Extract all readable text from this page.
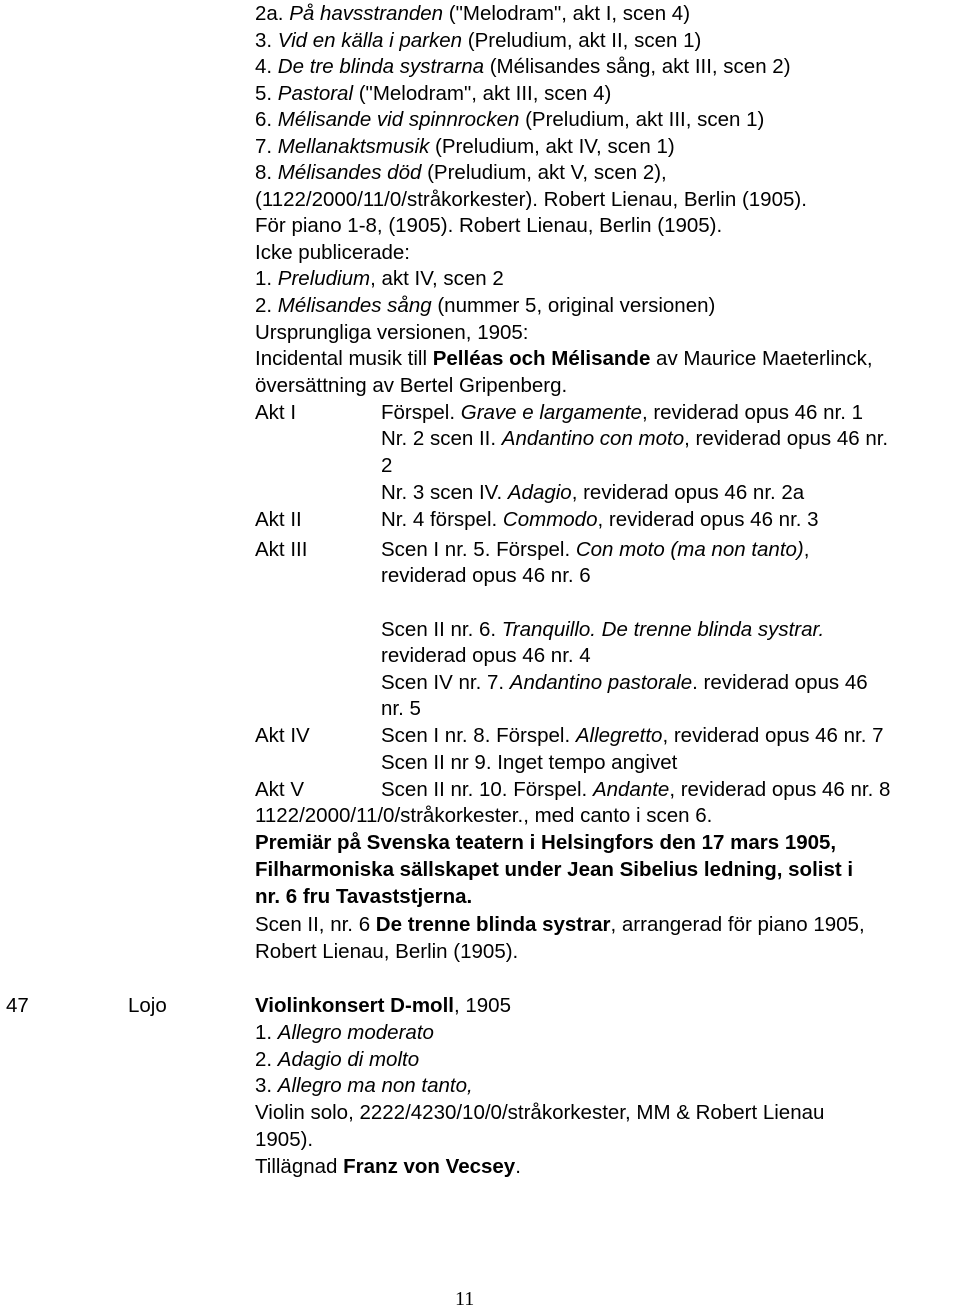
2a. På havsstranden ("Melodram", akt I, scen 4)
3. Vid en källa i parken (Preludium, akt II, scen 1)
4. De tre blinda systrarna (Mélisandes sång, akt III, scen 2)
5. Pastoral ("Melodram", akt III, scen 4)
6. Mélisande vid spinnrocken (Preludium, akt III, scen 1)
7. Mellanaktsmusik (Preludium, akt IV, scen 1)
8. Mélisandes död (Preludium, akt V, scen 2),
(1122/2000/11/0/stråkorkester). Robert Lienau, Berlin (1905).
För piano 1-8, (1905). Robert Lienau, Berlin (1905).
Icke publicerade:
1. Preludium, akt IV, scen 2
2. Mélisandes sång (nummer 5, original versionen)
Ursprungliga versionen, 1905:
Incidental musik till Pelléas och Mélisande av Maurice Maeterlinck,
översättning av Bertel Gripenberg.
Akt I	Förspel. Grave e largamente, reviderad opus 46 nr. 1
Nr. 2 scen II. Andantino con moto, reviderad opus 46 nr.
2
Nr. 3 scen IV. Adagio, reviderad opus 46 nr. 2a
Akt II	Nr. 4 förspel. Commodo, reviderad opus 46 nr. 3
Akt III	Scen I nr. 5. Förspel. Con moto (ma non tanto),
reviderad opus 46 nr. 6
Scen II nr. 6. Tranquillo. De trenne blinda systrar.
reviderad opus 46 nr. 4
Scen IV nr. 7. Andantino pastorale. reviderad opus 46
nr. 5
Akt IV	Scen I nr. 8. Förspel. Allegretto, reviderad opus 46 nr. 7
Scen II nr 9. Inget tempo angivet
Akt V	Scen II nr. 10. Förspel. Andante, reviderad opus 46 nr. 8
1122/2000/11/0/stråkorkester., med canto i scen 6.
Premiär på Svenska teatern i Helsingfors den 17 mars 1905,
Filharmoniska sällskapet under Jean Sibelius ledning, solist i
nr. 6 fru Tavaststjerna.
Scen II, nr. 6 De trenne blinda systrar, arrangerad för piano 1905,
Robert Lienau, Berlin (1905).
47	Lojo	Violinkonsert D-moll, 1905
1. Allegro moderato
2. Adagio di molto
3. Allegro ma non tanto,
Violin solo, 2222/4230/10/0/stråkorkester, MM & Robert Lienau
1905).
Tillägnad Franz von Vecsey.
11
